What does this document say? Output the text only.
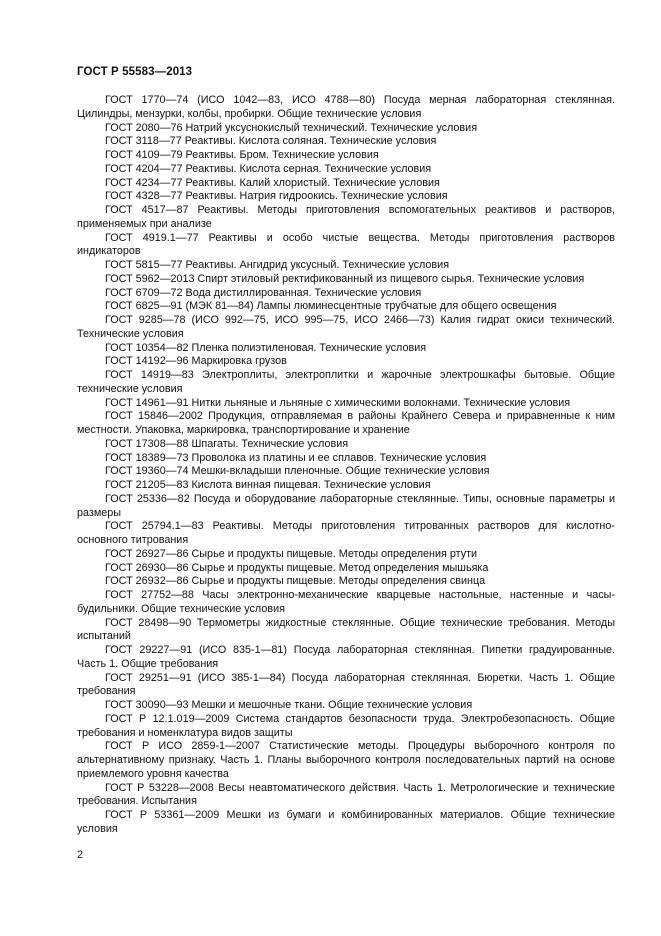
ГОСТ Р 55583—2013

ГОСТ 1770—74 (ИСО 1042—83, ИСО 4788—80) Посуда мерная лабораторная стеклянная. Цилиндры, мензурки, колбы, пробирки. Общие технические условия

ГОСТ 2080—76 Натрий уксуснокислый технический. Технические условия

ГОСТ 3118—77 Реактивы. Кислота соляная. Технические условия

ГОСТ 4109—79 Реактивы. Бром. Технические условия

ГОСТ 4204—77 Реактивы. Кислота серная. Технические условия

ГОСТ 4234—77 Реактивы. Калий хлористый. Технические условия

ГОСТ 4328—77 Реактивы. Натрия гидроокись. Технические условия

ГОСТ 4517—87 Реактивы. Методы приготовления вспомогательных реактивов и растворов, применяемых при анализе

ГОСТ 4919.1—77 Реактивы и особо чистые вещества. Методы приготовления растворов индикаторов

ГОСТ 5815—77 Реактивы. Ангидрид уксусный. Технические условия

ГОСТ 5962—2013 Спирт этиловый ректификованный из пищевого сырья. Технические условия

ГОСТ 6709—72 Вода дистиллированная. Технические условия

ГОСТ 6825—91 (МЭК 81—84) Лампы люминесцентные трубчатые для общего освещения

ГОСТ 9285—78 (ИСО 992—75, ИСО 995—75, ИСО 2466—73) Калия гидрат окиси технический. Технические условия

ГОСТ 10354—82 Пленка полиэтиленовая. Технические условия

ГОСТ 14192—96 Маркировка грузов

ГОСТ 14919—83 Электроплиты, электроплитки и жарочные электрошкафы бытовые. Общие технические условия

ГОСТ 14961—91 Нитки льняные и льняные с химическими волокнами. Технические условия

ГОСТ 15846—2002 Продукция, отправляемая в районы Крайнего Севера и приравненные к ним местности. Упаковка, маркировка, транспортирование и хранение

ГОСТ 17308—88 Шпагаты. Технические условия

ГОСТ 18389—73 Проволока из платины и ее сплавов. Технические условия

ГОСТ 19360—74 Мешки-вкладыши пленочные. Общие технические условия

ГОСТ 21205—83 Кислота винная пищевая. Технические условия

ГОСТ 25336—82 Посуда и оборудование лабораторные стеклянные. Типы, основные параметры и размеры

ГОСТ 25794.1—83 Реактивы. Методы приготовления титрованных растворов для кислотно-основного титрования

ГОСТ 26927—86 Сырье и продукты пищевые. Методы определения ртути

ГОСТ 26930—86 Сырье и продукты пищевые. Метод определения мышьяка

ГОСТ 26932—86 Сырье и продукты пищевые. Методы определения свинца

ГОСТ 27752—88 Часы электронно-механические кварцевые настольные, настенные и часы-будильники. Общие технические условия

ГОСТ 28498—90 Термометры жидкостные стеклянные. Общие технические требования. Методы испытаний

ГОСТ 29227—91 (ИСО 835-1—81) Посуда лабораторная стеклянная. Пипетки градуированные. Часть 1. Общие требования

ГОСТ 29251—91 (ИСО 385-1—84) Посуда лабораторная стеклянная. Бюретки. Часть 1. Общие требования

ГОСТ 30090—93 Мешки и мешочные ткани. Общие технические условия

ГОСТ Р 12.1.019—2009 Система стандартов безопасности труда. Электробезопасность. Общие требования и номенклатура видов защиты

ГОСТ Р ИСО 2859-1—2007 Статистические методы. Процедуры выборочного контроля по альтернативному признаку. Часть 1. Планы выборочного контроля последовательных партий на основе приемлемого уровня качества

ГОСТ Р 53228—2008 Весы неавтоматического действия. Часть 1. Метрологические и технические требования. Испытания

ГОСТ Р 53361—2009 Мешки из бумаги и комбинированных материалов. Общие технические условия

2
